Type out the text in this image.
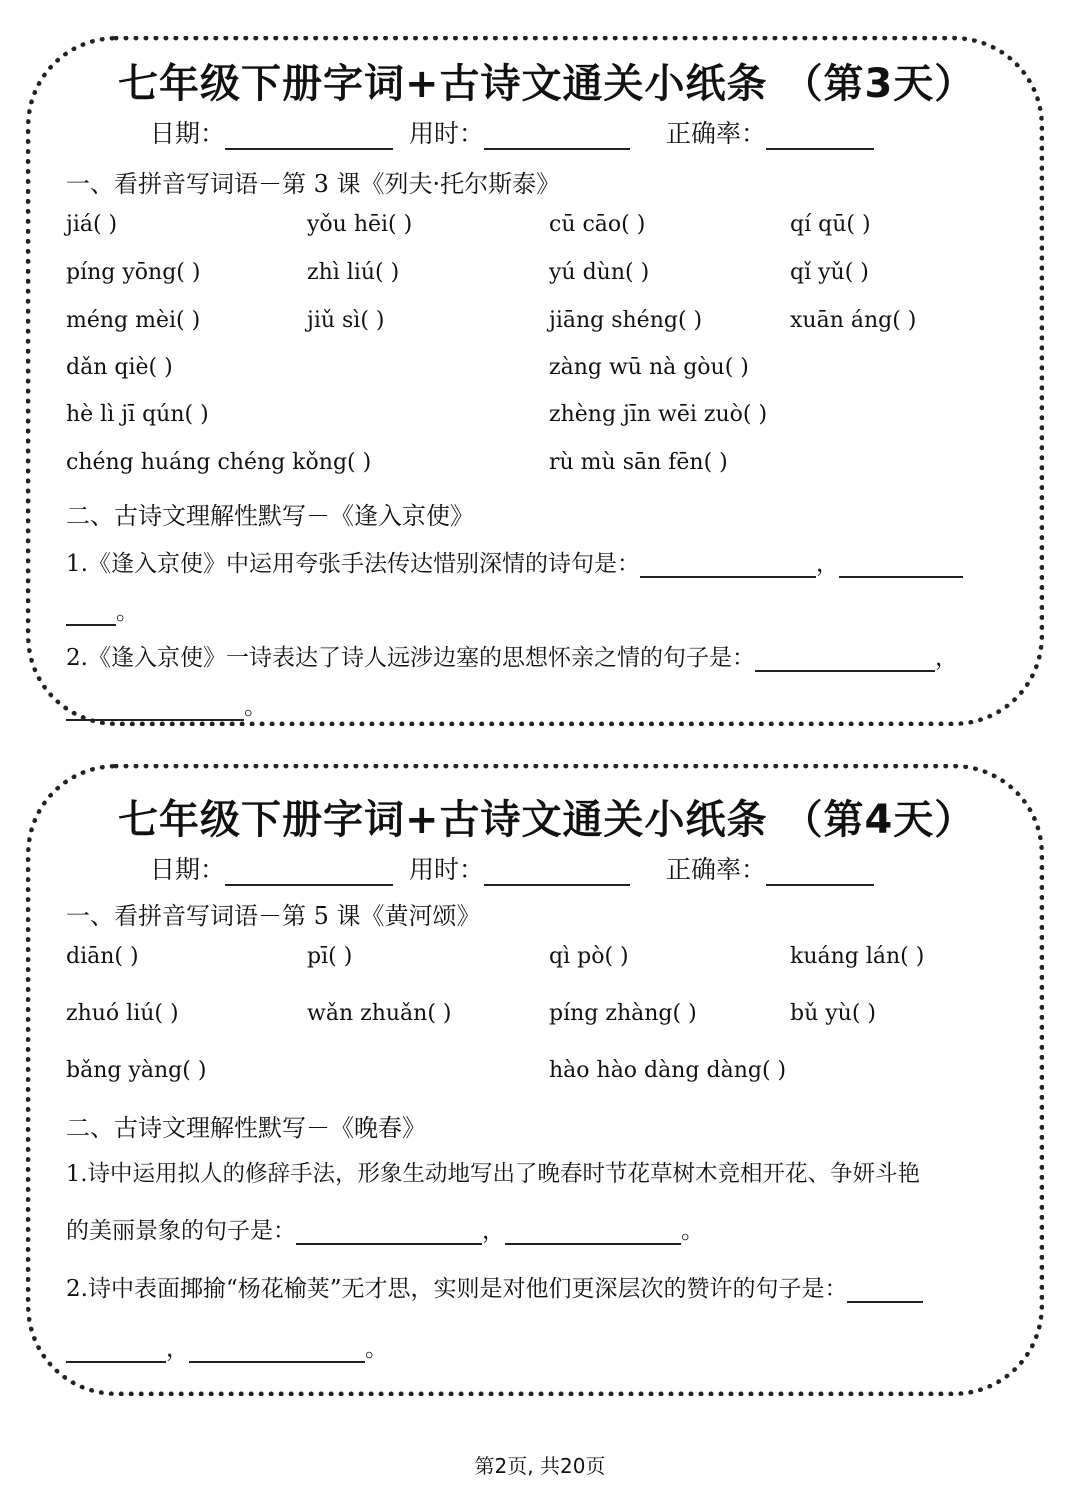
七年级下册字词+古诗文通关小纸条 （第3天）
日期：	用时：	正确率：
一、看拼音写词语－第 3 课《列夫·托尔斯泰》
jiá( )	yǒu hēi( )	cū cāo( )	qí qū( )
píng yōng( )	zhì liú( )	yú dùn( )	qǐ yǔ( )
méng mèi( )	jiǔ sì( )	jiāng shéng( )	xuān áng( )
dǎn qiè( )	zàng wū nà gòu( )
hè lì jī qún( )	zhèng jīn wēi zuò( )
chéng huáng chéng kǒng( )	rù mù sān fēn( )
二、古诗文理解性默写－《逢入京使》
1.《逢入京使》中运用夸张手法传达惜别深情的诗句是：	，
。
2.《逢入京使》一诗表达了诗人远涉边塞的思想怀亲之情的句子是：	，
。
七年级下册字词+古诗文通关小纸条 （第4天）
日期：	用时：	正确率：
一、看拼音写词语－第 5 课《黄河颂》
diān( )	pī( )	qì pò( )	kuáng lán( )
zhuó liú( )	wǎn zhuǎn( )	píng zhàng( )	bǔ yù( )
bǎng yàng( )	hào hào dàng dàng( )
二、古诗文理解性默写－《晚春》
1.诗中运用拟人的修辞手法，形象生动地写出了晚春时节花草树木竞相开花、争妍斗艳
的美丽景象的句子是：	，	。
2.诗中表面揶揄“杨花榆荚”无才思，实则是对他们更深层次的赞许的句子是：
，	。
第2页, 共20页
